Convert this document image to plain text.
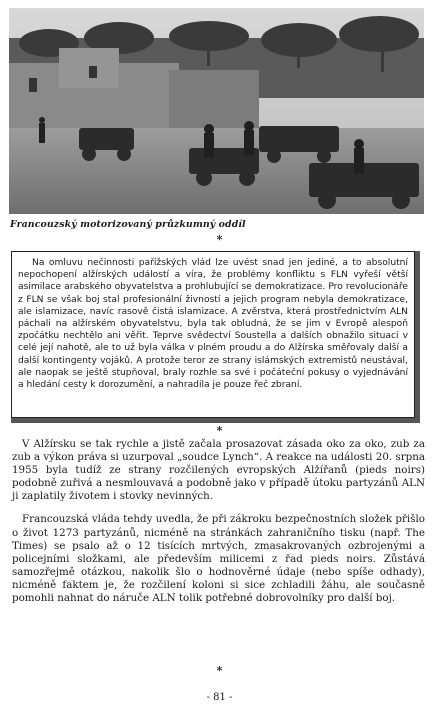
Francouzský motorizovaný průzkumný oddíl
*

Na omluvu nečinnosti pařížských vlád lze uvést snad jen jediné, a to absolutní nepochopení alžírských událostí a víra, že problémy konfliktu s FLN vyřeší větší asimilace arabského obyvatelstva a prohlubující se demokratizace. Pro revolucionáře z FLN se však boj stal profesionální živností a jejich program nebyla demokratizace, ale islamizace, navíc rasově čistá islamizace. A zvěrstva, která prostřednictvím ALN páchali na alžírském obyvatelstvu, byla tak obludná, že se jim v Evropě alespoň zpočátku nechtělo ani věřit. Teprve svědectví Soustella a dalších obnažilo situaci v celé její nahotě, ale to už byla válka v plném proudu a do Alžírska směřovaly další a další kontingenty vojáků. A protože teror ze strany islámských extremistů neustával, ale naopak se ještě stupňoval, braly rozhle sa své i počáteční pokusy o vyjednávání a hledání cesty k dorozumění, a nahradila je pouze řeč zbraní.

*

V Alžírsku se tak rychle a jistě začala prosazovat zásada oko za oko, zub za zub a výkon práva si uzurpoval „soudce Lynch“. A reakce na události 20. srpna 1955 byla tudíž ze strany rozčilených evropských Alžířanů (pieds noirs) podobně zuřivá a nesmlouvavá a podobně jako v případě útoku partyzánů ALN ji zaplatily životem i stovky nevinných.

Francouzská vláda tehdy uvedla, že při zákroku bezpečnostních složek přišlo o život 1273 partyzánů, nicméně na stránkách zahraničního tisku (např. The Times) se psalo až o 12 tisících mrtvých, zmasakrovaných ozbrojenými a policejními složkami, ale především milicemi z řad pieds noirs. Zůstává samozřejmě otázkou, nakolik šlo o hodnověrné údaje (nebo spíše odhady), nicméně faktem je, že rozčilení koloni si sice zchladili žáhu, ale současně pomohli nahnat do náruče ALN tolik potřebné dobrovolníky pro další boj.

*
- 81 -
